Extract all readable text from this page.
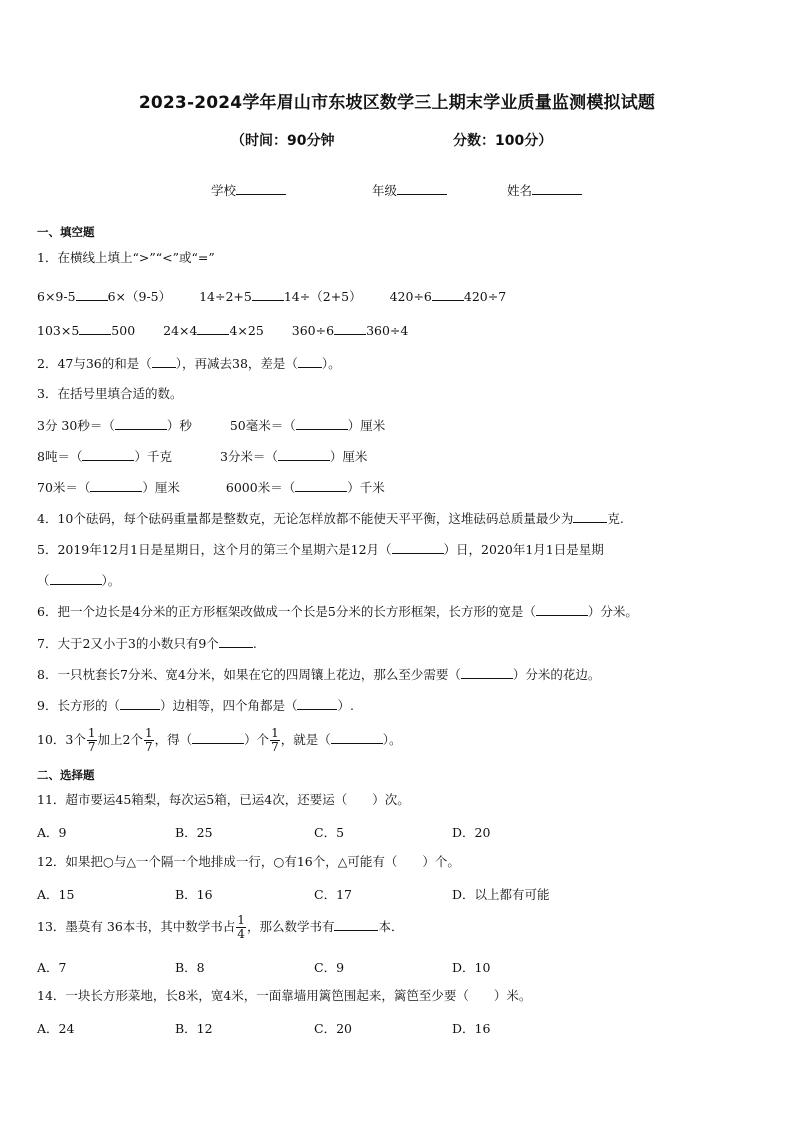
2023-2024学年眉山市东坡区数学三上期末学业质量监测模拟试题
（时间：90分钟	分数：100分）
学校	年级	姓名
一、填空题
1．在横线上填上“>”“<”或“=”
6×9-5	6×（9-5） 14÷2+5	14÷（2+5） 420÷6	420÷7
103×5	500 24×4	4×25 360÷6	360÷4
2．47与36的和是（ ），再减去38，差是（ ）。
3．在括号里填合适的数。
3分 30秒＝（	）秒	50毫米＝（	）厘米
8吨＝（	）千克	3分米＝（	）厘米
70米＝（	）厘米	6000米＝（	）千米
4．10个砝码，每个砝码重量都是整数克，无论怎样放都不能使天平平衡，这堆砝码总质量最少为	克.
5．2019年12月1日是星期日，这个月的第三个星期六是12月（	）日，2020年1月1日是星期
（	）。
6．把一个边长是4分米的正方形框架改做成一个长是5分米的长方形框架，长方形的宽是（	）分米。
7．大于2又小于3的小数只有9个	.
8．一只枕套长7分米、宽4分米，如果在它的四周镶上花边，那么至少需要（	）分米的花边。
9．长方形的（	）边相等，四个角都是（	）.
10．3个 $\frac{1}{7}$ 加上2个 $\frac{1}{7}$ ，得（	）个 $\frac{1}{7}$ ，就是（	）。
二、选择题
11．超市要运45箱梨，每次运5箱，已运4次，还要运（　　）次。
A．9	B．25	C．5	D．20
12．如果把○与△一个隔一个地排成一行，○有16个，△可能有（　　）个。
A．15	B．16	C．17	D．以上都有可能
13．墨莫有 36本书，其中数学书占 $\frac{1}{4}$ ，那么数学书有	本．
A．7	B．8	C．9	D．10
14．一块长方形菜地，长8米，宽4米，一面靠墙用篱笆围起来，篱笆至少要（　　）米。
A．24	B．12	C．20	D．16
